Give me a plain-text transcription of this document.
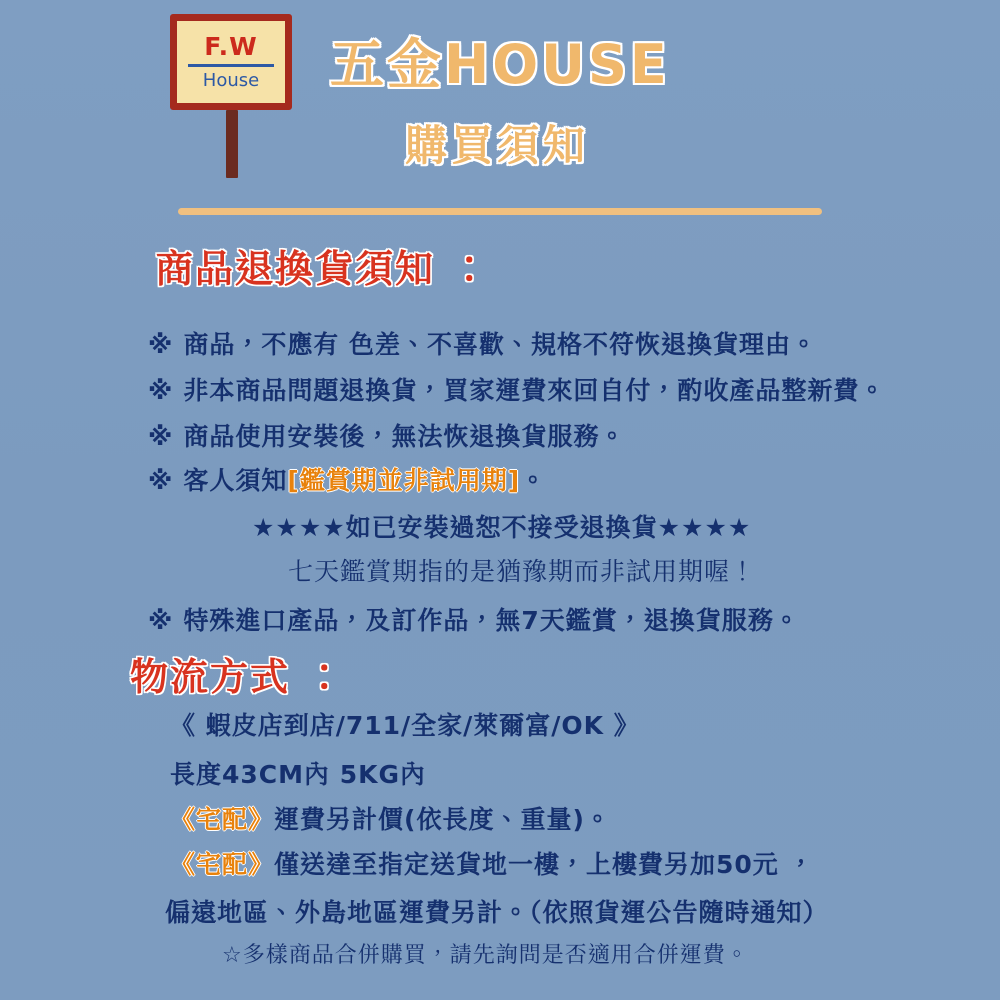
F.W
House 五金HOUSE
購買須知
商品退換貨須知 ：
※ 商品，不應有 色差、不喜歡、規格不符恢退換貨理由。
※ 非本商品問題退換貨，買家運費來回自付，酌收產品整新費。
※ 商品使用安裝後，無法恢退換貨服務。
※ 客人須知[鑑賞期並非試用期]。
★★★★如已安裝過恕不接受退換貨★★★★
七天鑑賞期指的是猶豫期而非試用期喔！
※ 特殊進口產品，及訂作品，無7天鑑賞，退換貨服務。
物流方式 ：
《 蝦皮店到店/711/全家/萊爾富/OK 》
長度43CM內 5KG內
《宅配》運費另計價(依長度、重量)。
《宅配》僅送達至指定送貨地一樓，上樓費另加50元 ，
偏遠地區、外島地區運費另計。（依照貨運公告隨時通知）
☆多樣商品合併購買，請先詢問是否適用合併運費。
